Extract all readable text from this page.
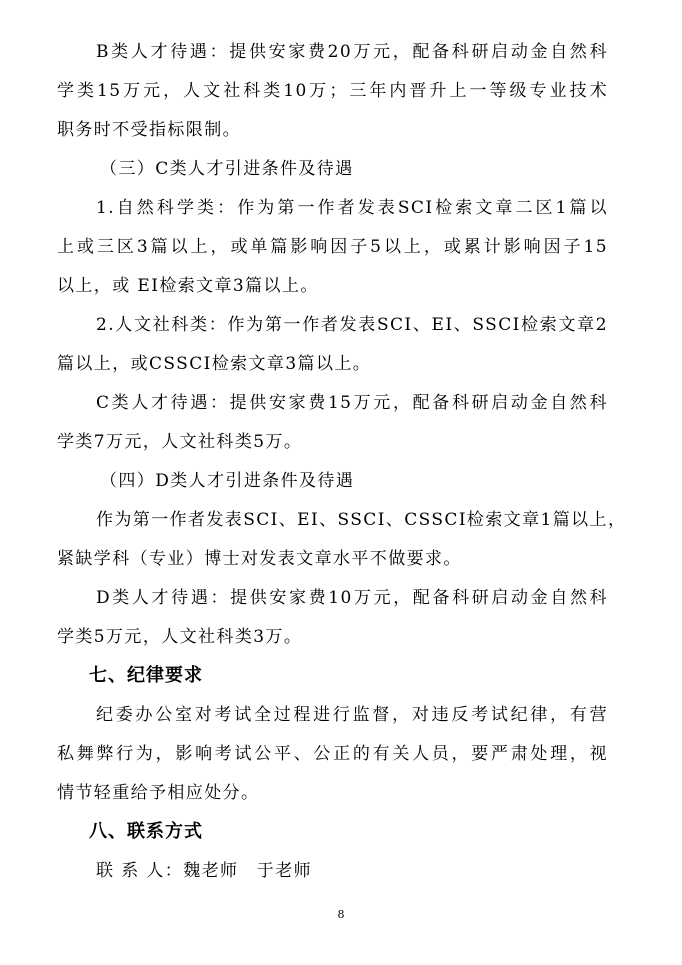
B类人才待遇：提供安家费20万元，配备科研启动金自然科
学类15万元，人文社科类10万；三年内晋升上一等级专业技术
职务时不受指标限制。
（三）C类人才引进条件及待遇
1.自然科学类：作为第一作者发表SCI检索文章二区1篇以
上或三区3篇以上，或单篇影响因子5以上，或累计影响因子15
以上，或 EI检索文章3篇以上。
2.人文社科类：作为第一作者发表SCI、EI、SSCI检索文章2
篇以上，或CSSCI检索文章3篇以上。
C类人才待遇：提供安家费15万元，配备科研启动金自然科
学类7万元，人文社科类5万。
（四）D类人才引进条件及待遇
作为第一作者发表SCI、EI、SSCI、CSSCI检索文章1篇以上，
紧缺学科（专业）博士对发表文章水平不做要求。
D类人才待遇：提供安家费10万元，配备科研启动金自然科
学类5万元，人文社科类3万。
七、纪律要求
纪委办公室对考试全过程进行监督，对违反考试纪律，有营
私舞弊行为，影响考试公平、公正的有关人员，要严肃处理，视
情节轻重给予相应处分。
八、联系方式
联 系 人：魏老师　于老师
8
